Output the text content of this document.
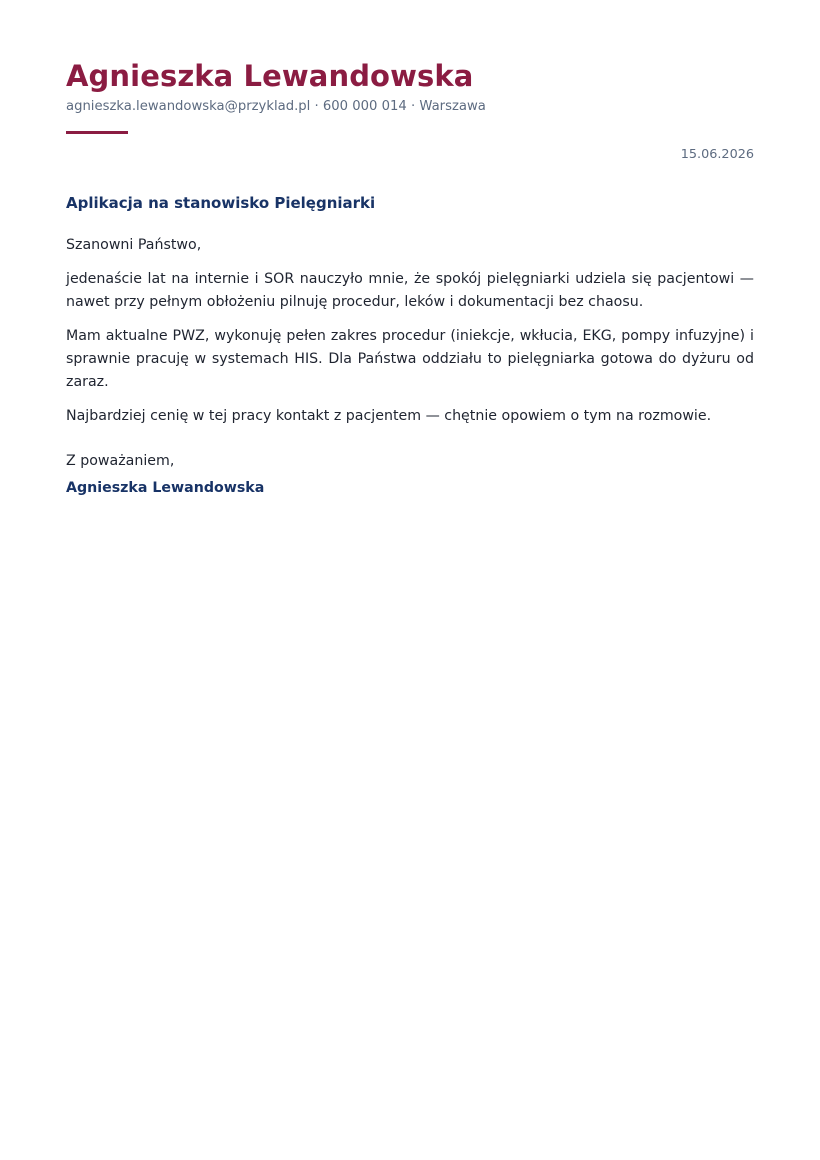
Agnieszka Lewandowska
agnieszka.lewandowska@przyklad.pl · 600 000 014 · Warszawa
15.06.2026
Aplikacja na stanowisko Pielęgniarki

Szanowni Państwo,

jedenaście lat na internie i SOR nauczyło mnie, że spokój pielęgniarki udziela się pacjentowi — nawet przy pełnym obłożeniu pilnuję procedur, leków i dokumentacji bez chaosu.

Mam aktualne PWZ, wykonuję pełen zakres procedur (iniekcje, wkłucia, EKG, pompy infuzyjne) i sprawnie pracuję w systemach HIS. Dla Państwa oddziału to pielęgniarka gotowa do dyżuru od zaraz.

Najbardziej cenię w tej pracy kontakt z pacjentem — chętnie opowiem o tym na rozmowie.

Z poważaniem,

Agnieszka Lewandowska
